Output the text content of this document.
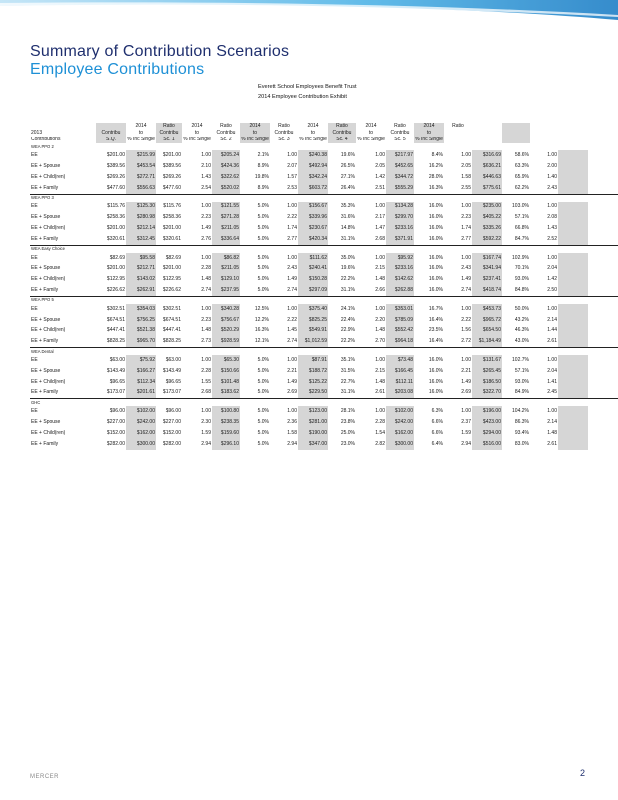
Summary of Contribution Scenarios
Employee Contributions
Everett School Employees Benefit Trust
2014 Employee Contribution Exhibit
		2014	Ratio	2014	Ratio	2014	Ratio	2014	Ratio	2014	Ratio	2014	Ratio					
2013	Contribu	to	Contribu	to	Contribu	to	Contribu	to	Contribu	to	Contribu	to						
Contributions	S.Q.	% Inc Single	Sc. 1	% Inc Single	Sc. 2	% Inc Single	Sc. 3	% Inc Single	Sc. 4	% Inc Single	Sc. 5	% Inc Single						
WEA PPO 2																		
EE	$201.00	$215.99	$201.00	1.00	$205.24	2.1%	1.00	$240.38	19.6%	1.00	$217.97	8.4%	1.00	$316.69	58.6%	1.00		
EE + Spouse	$389.56	$453.54	$389.56	2.10	$424.36	8.9%	2.07	$492.94	26.5%	2.05	$452.65	16.2%	2.05	$636.21	63.3%	2.00		
EE + Child(ren)	$269.26	$272.71	$269.26	1.43	$322.62	19.8%	1.57	$342.24	27.1%	1.42	$344.72	28.0%	1.58	$446.63	65.9%	1.40		
EE + Family	$477.60	$556.63	$477.60	2.54	$520.02	8.9%	2.53	$603.72	26.4%	2.51	$555.29	16.3%	2.55	$775.61	62.2%	2.43		
WEA PPO 3																		
EE	$115.76	$125.30	$115.76	1.00	$121.55	5.0%	1.00	$156.67	35.3%	1.00	$134.28	16.0%	1.00	$235.00	103.0%	1.00		
EE + Spouse	$258.36	$280.98	$258.36	2.23	$271.28	5.0%	2.22	$339.96	31.6%	2.17	$299.70	16.0%	2.23	$405.22	57.1%	2.08		
EE + Child(ren)	$201.00	$212.14	$201.00	1.49	$211.05	5.0%	1.74	$230.67	14.8%	1.47	$233.16	16.0%	1.74	$335.26	66.8%	1.43		
EE + Family	$320.61	$312.45	$320.61	2.76	$336.64	5.0%	2.77	$420.34	31.1%	2.68	$371.91	16.0%	2.77	$592.22	84.7%	2.52		
WEA Easy Choice																		
EE	$82.69	$95.58	$82.69	1.00	$86.82	5.0%	1.00	$111.62	35.0%	1.00	$95.92	16.0%	1.00	$167.74	102.9%	1.00		
EE + Spouse	$201.00	$212.71	$201.00	2.28	$211.05	5.0%	2.43	$240.41	19.6%	2.15	$233.16	16.0%	2.43	$341.94	70.1%	2.04		
EE + Child(ren)	$122.95	$143.02	$122.95	1.48	$129.10	5.0%	1.49	$150.28	22.2%	1.48	$142.62	16.0%	1.49	$237.41	93.0%	1.42		
EE + Family	$226.62	$262.91	$226.62	2.74	$237.95	5.0%	2.74	$297.09	31.1%	2.66	$262.88	16.0%	2.74	$418.74	84.8%	2.50		
WEA PPO 5																		
EE	$302.51	$354.03	$302.51	1.00	$340.28	12.5%	1.00	$375.40	24.1%	1.00	$353.01	16.7%	1.00	$453.73	50.0%	1.00		
EE + Spouse	$674.51	$756.25	$674.51	2.23	$756.67	12.2%	2.22	$825.25	22.4%	2.20	$785.09	16.4%	2.22	$965.72	43.2%	2.14		
EE + Child(ren)	$447.41	$521.38	$447.41	1.48	$520.29	16.3%	1.45	$549.91	22.9%	1.48	$552.42	23.5%	1.56	$654.50	46.3%	1.44		
EE + Family	$828.25	$965.70	$828.25	2.73	$928.59	12.1%	2.74	$1,012.59	22.2%	2.70	$964.18	16.4%	2.72	$1,184.49	43.0%	2.61		
WEA Dental																		
EE	$63.00	$75.92	$63.00	1.00	$65.30	5.0%	1.00	$87.91	35.1%	1.00	$73.48	16.0%	1.00	$131.67	102.7%	1.00		
EE + Spouse	$143.49	$166.27	$143.49	2.28	$150.66	5.0%	2.21	$188.72	31.5%	2.15	$166.45	16.0%	2.21	$265.45	57.1%	2.04		
EE + Child(ren)	$96.65	$112.34	$96.65	1.55	$101.48	5.0%	1.49	$125.22	22.7%	1.48	$112.11	16.0%	1.49	$186.50	93.0%	1.41		
EE + Family	$173.07	$201.61	$173.07	2.68	$183.62	5.0%	2.69	$229.50	31.1%	2.61	$203.08	16.0%	2.69	$322.70	84.9%	2.45		
GHC																		
EE	$96.00	$102.00	$96.00	1.00	$100.80	5.0%	1.00	$123.00	28.1%	1.00	$102.00	6.3%	1.00	$196.00	104.2%	1.00		
EE + Spouse	$227.00	$242.00	$227.00	2.30	$238.35	5.0%	2.36	$281.00	23.8%	2.28	$242.00	6.6%	2.37	$423.00	86.3%	2.14		
EE + Child(ren)	$152.00	$162.00	$152.00	1.59	$159.60	5.0%	1.58	$190.00	25.0%	1.54	$162.00	6.6%	1.59	$294.00	93.4%	1.48		
EE + Family	$282.00	$300.00	$282.00	2.94	$296.10	5.0%	2.94	$347.00	23.0%	2.82	$300.00	6.4%	2.94	$516.00	83.0%	2.61		
MERCER	2
